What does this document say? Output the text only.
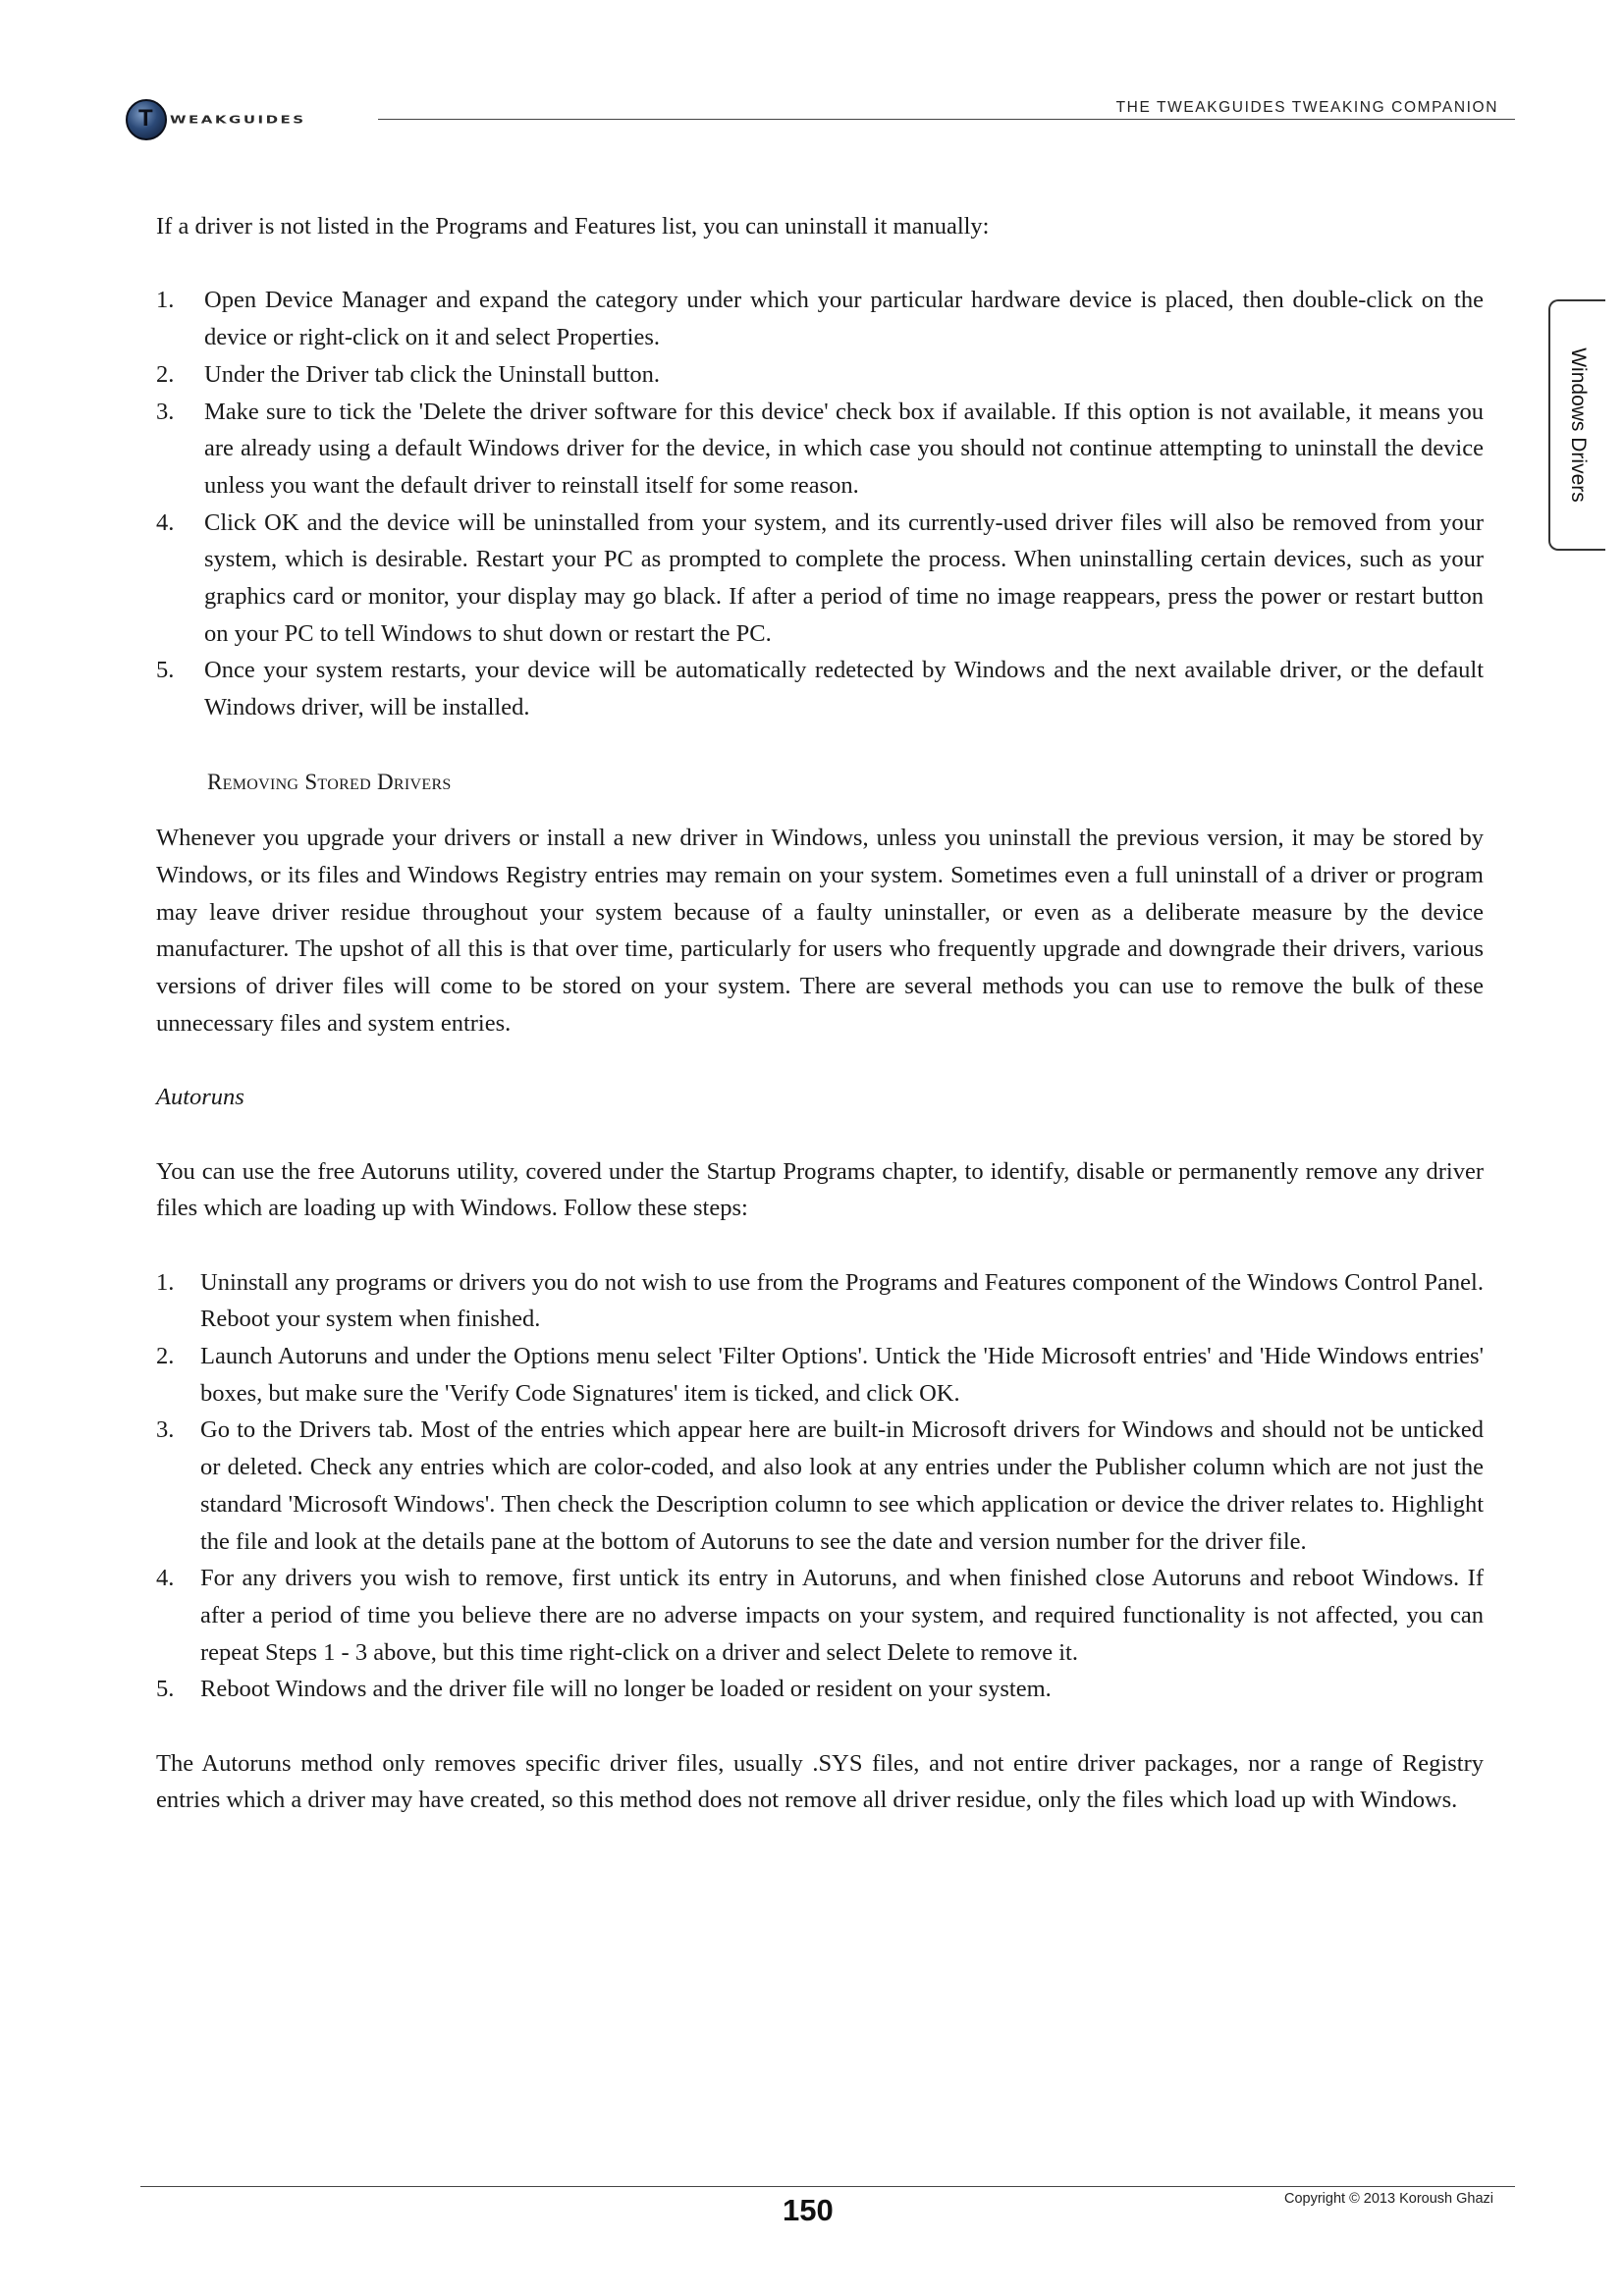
T
WEAKGUIDES
THE TWEAKGUIDES TWEAKING COMPANION
Windows Drivers

If a driver is not listed in the Programs and Features list, you can uninstall it manually:

1. Open Device Manager and expand the category under which your particular hardware device is placed, then double-click on the device or right-click on it and select Properties.
2. Under the Driver tab click the Uninstall button.
3. Make sure to tick the 'Delete the driver software for this device' check box if available. If this option is not available, it means you are already using a default Windows driver for the device, in which case you should not continue attempting to uninstall the device unless you want the default driver to reinstall itself for some reason.
4. Click OK and the device will be uninstalled from your system, and its currently-used driver files will also be removed from your system, which is desirable. Restart your PC as prompted to complete the process. When uninstalling certain devices, such as your graphics card or monitor, your display may go black. If after a period of time no image reappears, press the power or restart button on your PC to tell Windows to shut down or restart the PC.
5. Once your system restarts, your device will be automatically redetected by Windows and the next available driver, or the default Windows driver, will be installed.
Removing Stored Drivers

Whenever you upgrade your drivers or install a new driver in Windows, unless you uninstall the previous version, it may be stored by Windows, or its files and Windows Registry entries may remain on your system. Sometimes even a full uninstall of a driver or program may leave driver residue throughout your system because of a faulty uninstaller, or even as a deliberate measure by the device manufacturer. The upshot of all this is that over time, particularly for users who frequently upgrade and downgrade their drivers, various versions of driver files will come to be stored on your system. There are several methods you can use to remove the bulk of these unnecessary files and system entries.

Autoruns

You can use the free Autoruns utility, covered under the Startup Programs chapter, to identify, disable or permanently remove any driver files which are loading up with Windows. Follow these steps:

1. Uninstall any programs or drivers you do not wish to use from the Programs and Features component of the Windows Control Panel. Reboot your system when finished.
2. Launch Autoruns and under the Options menu select 'Filter Options'. Untick the 'Hide Microsoft entries' and 'Hide Windows entries' boxes, but make sure the 'Verify Code Signatures' item is ticked, and click OK.
3. Go to the Drivers tab. Most of the entries which appear here are built-in Microsoft drivers for Windows and should not be unticked or deleted. Check any entries which are color-coded, and also look at any entries under the Publisher column which are not just the standard 'Microsoft Windows'. Then check the Description column to see which application or device the driver relates to. Highlight the file and look at the details pane at the bottom of Autoruns to see the date and version number for the driver file.
4. For any drivers you wish to remove, first untick its entry in Autoruns, and when finished close Autoruns and reboot Windows. If after a period of time you believe there are no adverse impacts on your system, and required functionality is not affected, you can repeat Steps 1 - 3 above, but this time right-click on a driver and select Delete to remove it.
5. Reboot Windows and the driver file will no longer be loaded or resident on your system.

The Autoruns method only removes specific driver files, usually .SYS files, and not entire driver packages, nor a range of Registry entries which a driver may have created, so this method does not remove all driver residue, only the files which load up with Windows.

150	Copyright © 2013 Koroush Ghazi
